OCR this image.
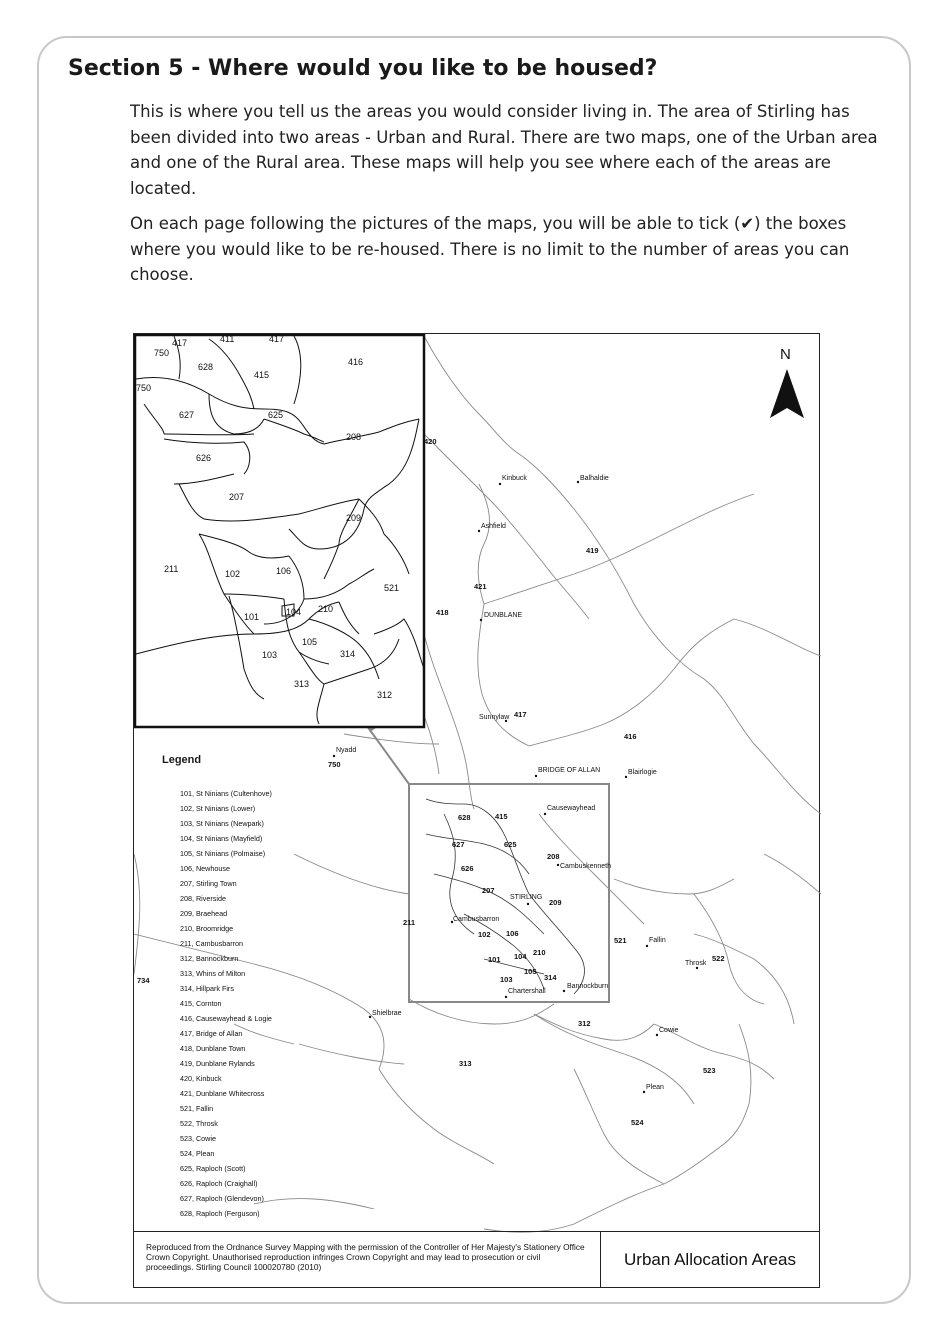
Section 5 - Where would you like to be housed?

This is where you tell us the areas you would consider living in. The area of Stirling has been divided into two areas - Urban and Rural. There are two maps, one of the Urban area and one of the Rural area. These maps will help you see where each of the areas are located.

On each page following the pictures of the maps, you will be able to tick (✔) the boxes where you would like to be re-housed. There is no limit to the number of areas you can choose.

417	411	417
750
628
415
416
750
627	625
208
626
207
209
211	102	106
521
101	104 210
105
103	314
313
312
420
419
421
418
417
416
750
628	415
625
627
626
208
207
209
211
102 106
210
101 104
105
103	314
521
522
734
312
313
523
524
Kinbuck	Balhaldie
Ashfield
DUNBLANE
Sunnylaw
Nyadd
BRIDGE OF ALLAN	Blairlogie
Causewayhead
Cambuskenneth
STIRLING
Cambusbarron
Fallin
Throsk
Chartershall
Bannockburn
Shielbrae
Cowie
Plean
N
Legend
101, St Ninians (Cultenhove)
102, St Ninians (Lower)
103, St Ninians (Newpark)
104, St Ninians (Mayfield)
105, St Ninians (Polmaise)
106, Newhouse
207, Stirling Town
208, Riverside
209, Braehead
210, Broomridge
211, Cambusbarron
312, Bannockburn
313, Whins of Milton
314, Hillpark Firs
415, Cornton
416, Causewayhead & Logie
417, Bridge of Allan
418, Dunblane Town
419, Dunblane Rylands
420, Kinbuck
421, Dunblane Whitecross
521, Fallin
522, Throsk
523, Cowie
524, Plean
625, Raploch (Scott)
626, Raploch (Craighall)
627, Raploch (Glendevon)
628, Raploch (Ferguson)
Reproduced from the Ordnance Survey Mapping with the permission of the Controller of Her Majesty's Stationery Office Crown Copyright. Unauthorised reproduction infringes Crown Copyright and may lead to prosecution or civil proceedings. Stirling Council 100020780 (2010)	Urban Allocation Areas
